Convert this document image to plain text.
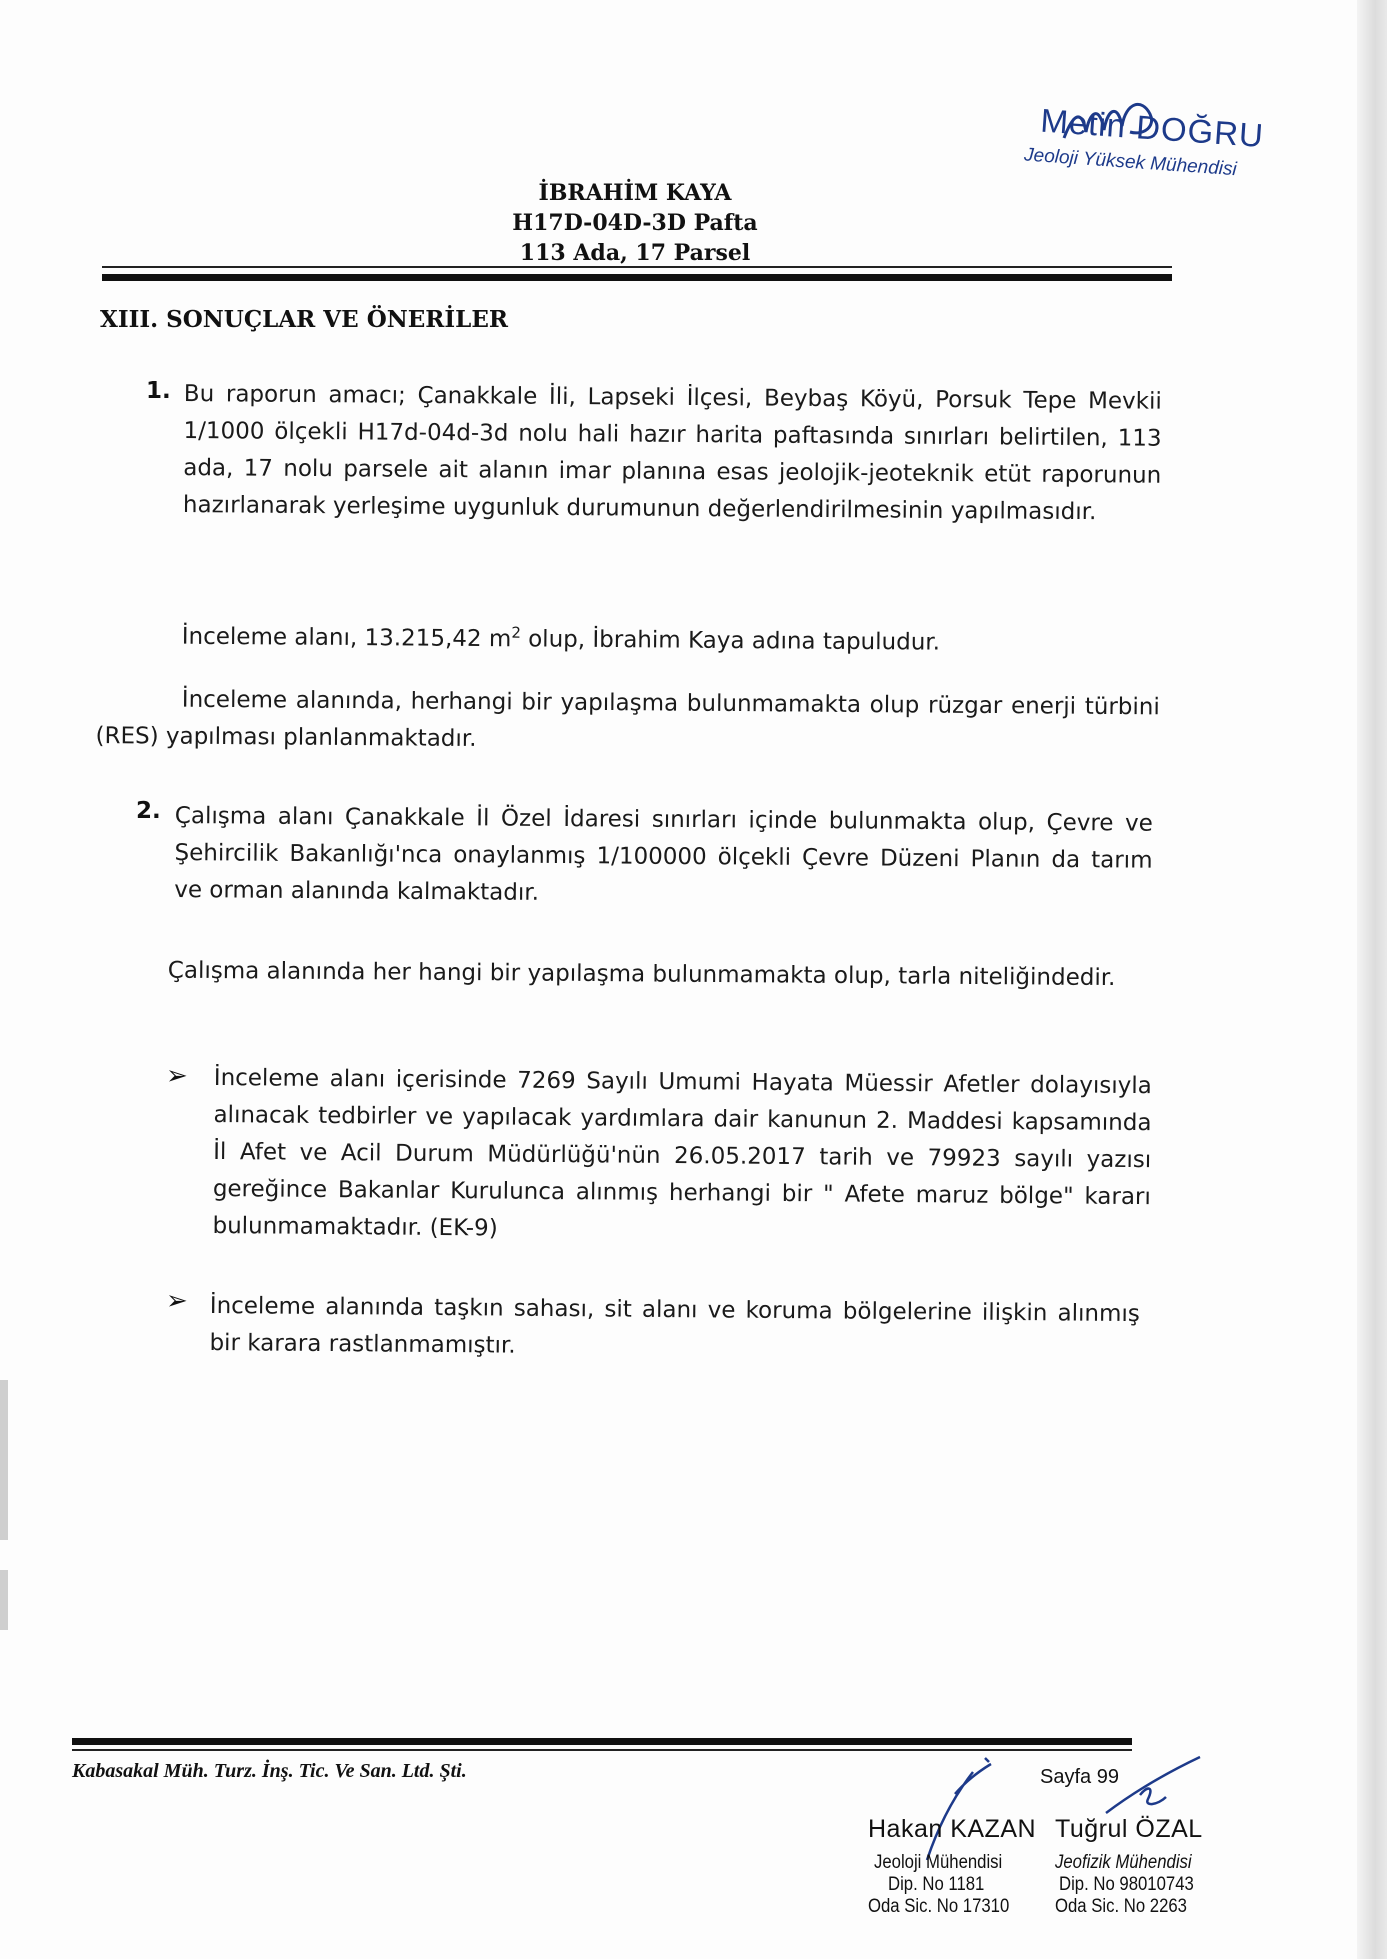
Metin DOĞRU
Jeoloji Yüksek Mühendisi
İBRAHİM KAYA
H17D-04D-3D Pafta
113 Ada, 17 Parsel
XIII. SONUÇLAR VE ÖNERİLER
1. Bu raporun amacı; Çanakkale İli, Lapseki İlçesi, Beybaş Köyü, Porsuk Tepe Mevkii 1/1000 ölçekli H17d-04d-3d nolu hali hazır harita paftasında sınırları belirtilen, 113 ada, 17 nolu parsele ait alanın imar planına esas jeolojik-jeoteknik etüt raporunun hazırlanarak yerleşime uygunluk durumunun değerlendirilmesinin yapılmasıdır.
İnceleme alanı, 13.215,42 $m^2$ olup, İbrahim Kaya adına tapuludur.
İnceleme alanında, herhangi bir yapılaşma bulunmamakta olup rüzgar enerji türbini (RES) yapılması planlanmaktadır.
2. Çalışma alanı Çanakkale İl Özel İdaresi sınırları içinde bulunmakta olup, Çevre ve Şehircilik Bakanlığı'nca onaylanmış 1/100000 ölçekli Çevre Düzeni Planın da tarım ve orman alanında kalmaktadır.
Çalışma alanında her hangi bir yapılaşma bulunmamakta olup, tarla niteliğindedir.
➢ İnceleme alanı içerisinde 7269 Sayılı Umumi Hayata Müessir Afetler dolayısıyla alınacak tedbirler ve yapılacak yardımlara dair kanunun 2. Maddesi kapsamında İl Afet ve Acil Durum Müdürlüğü'nün 26.05.2017 tarih ve 79923 sayılı yazısı gereğince Bakanlar Kurulunca alınmış herhangi bir " Afete maruz bölge" kararı bulunmamaktadır. (EK-9)
➢ İnceleme alanında taşkın sahası, sit alanı ve koruma bölgelerine ilişkin alınmış bir karara rastlanmamıştır.
Kabasakal Müh. Turz. İnş. Tic. Ve San. Ltd. Şti.	Sayfa 99
Hakan KAZAN
Jeoloji Mühendisi
Dip. No 1181
Oda Sic. No 17310
Tuğrul ÖZAL
Jeofizik Mühendisi
Dip. No 98010743
Oda Sic. No 2263
